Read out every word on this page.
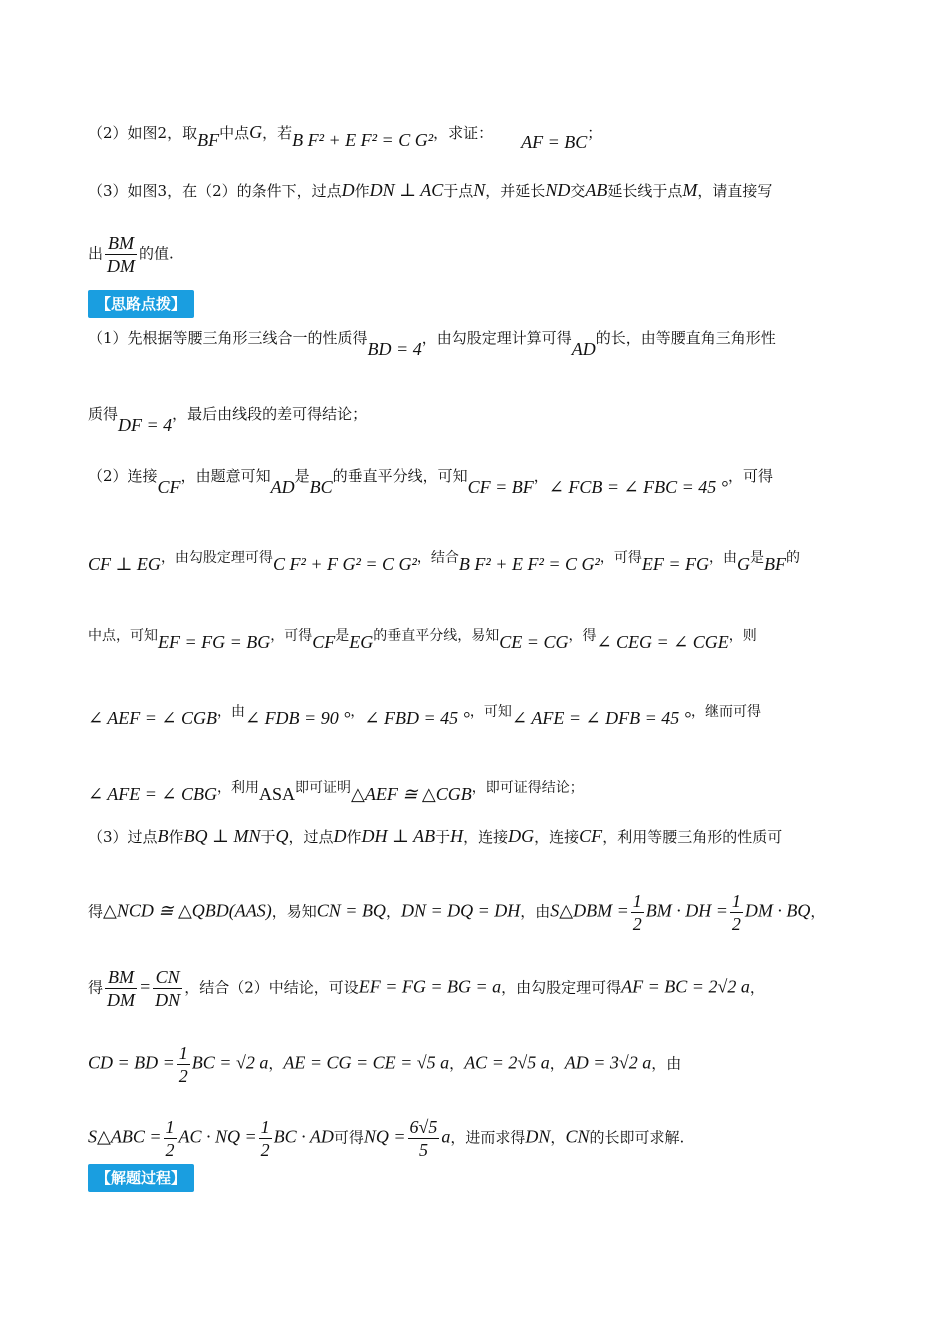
（2）如图2，取BF中点G，若B F² + E F² = C G²，求证： AF = BC；
（3）如图3，在（2）的条件下，过点D作DN ⊥ AC于点N，并延长ND交AB延长线于点M，请直接写
出 $\frac{BM}{DM}$ 的值.
【思路点拨】
（1）先根据等腰三角形三线合一的性质得BD = 4，由勾股定理计算可得AD的长，由等腰直角三角形性
质得DF = 4，最后由线段的差可得结论；
（2）连接CF，由题意可知AD是BC的垂直平分线，可知CF = BF，∠ FCB = ∠ FBC = 45 °，可得
CF ⊥ EG，由勾股定理可得C F² + F G² = C G²，结合B F² + E F² = C G²，可得EF = FG，由G是BF的
中点，可知EF = FG = BG，可得CF是EG的垂直平分线，易知CE = CG，得∠ CEG = ∠ CGE，则
∠ AEF = ∠ CGB，由∠ FDB = 90 °，∠ FBD = 45 °，可知∠ AFE = ∠ DFB = 45 °，继而可得
∠ AFE = ∠ CBG，利用ASA即可证明△AEF ≅ △CGB，即可证得结论；
（3）过点B作BQ ⊥ MN于Q，过点D作DH ⊥ AB于H，连接DG，连接CF，利用等腰三角形的性质可
得△NCD ≅ △QBD(AAS)，易知CN = BQ，DN = DQ = DH，由S△DBM = $\frac{1}{2}$ BM · DH = $\frac{1}{2}$ DM · BQ，
得 $\frac{BM}{DM} = \frac{CN}{DN}$ ，结合（2）中结论，可设EF = FG = BG = a，由勾股定理可得AF = BC = 2√2 a，
CD = BD = $\frac{1}{2}$ BC = √2 a，AE = CG = CE = √5 a，AC = 2√5 a，AD = 3√2 a，由
S△ABC = $\frac{1}{2}$ AC · NQ = $\frac{1}{2}$ BC · AD可得NQ = $\frac{6√5}{5}$ a，进而求得DN，CN的长即可求解.
【解题过程】
